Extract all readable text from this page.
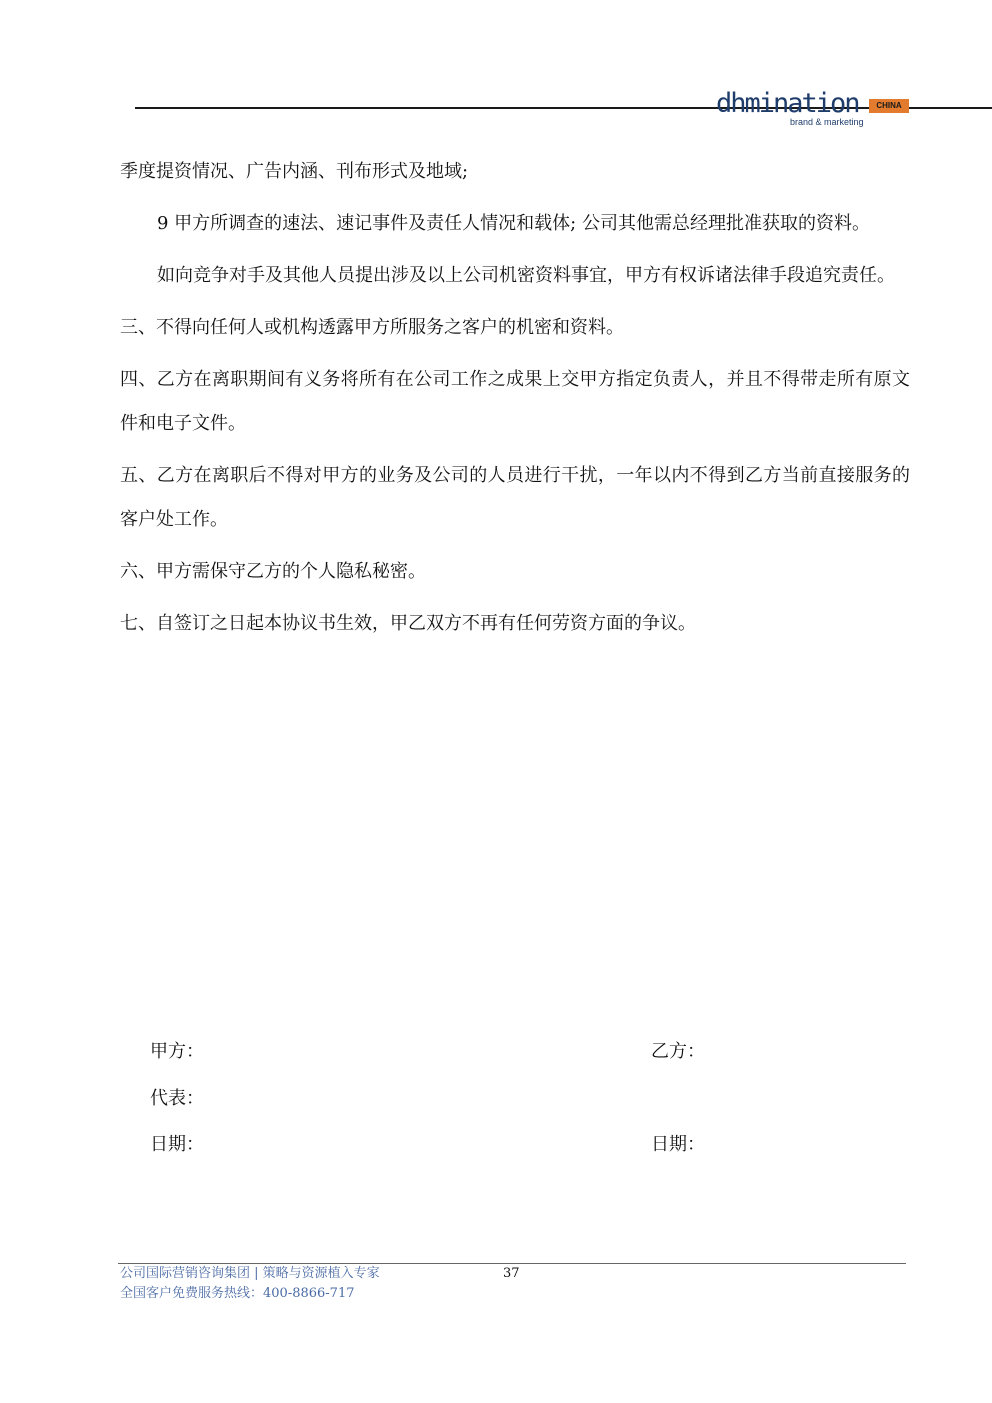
dhmination	CHINA
brand & marketing

季度提资情况、广告内涵、刊布形式及地域;

9 甲方所调查的速法、速记事件及责任人情况和载体; 公司其他需总经理批准获取的资料。

如向竞争对手及其他人员提出涉及以上公司机密资料事宜，甲方有权诉诸法律手段追究责任。

三、不得向任何人或机构透露甲方所服务之客户的机密和资料。

四、乙方在离职期间有义务将所有在公司工作之成果上交甲方指定负责人，并且不得带走所有原文件和电子文件。

五、乙方在离职后不得对甲方的业务及公司的人员进行干扰，一年以内不得到乙方当前直接服务的客户处工作。

六、甲方需保守乙方的个人隐私秘密。

七、自签订之日起本协议书生效，甲乙双方不再有任何劳资方面的争议。

甲方：	乙方：
代表：
日期：	日期：
公司国际营销咨询集团 | 策略与资源植入专家
全国客户免费服务热线：400-8866-717
37
